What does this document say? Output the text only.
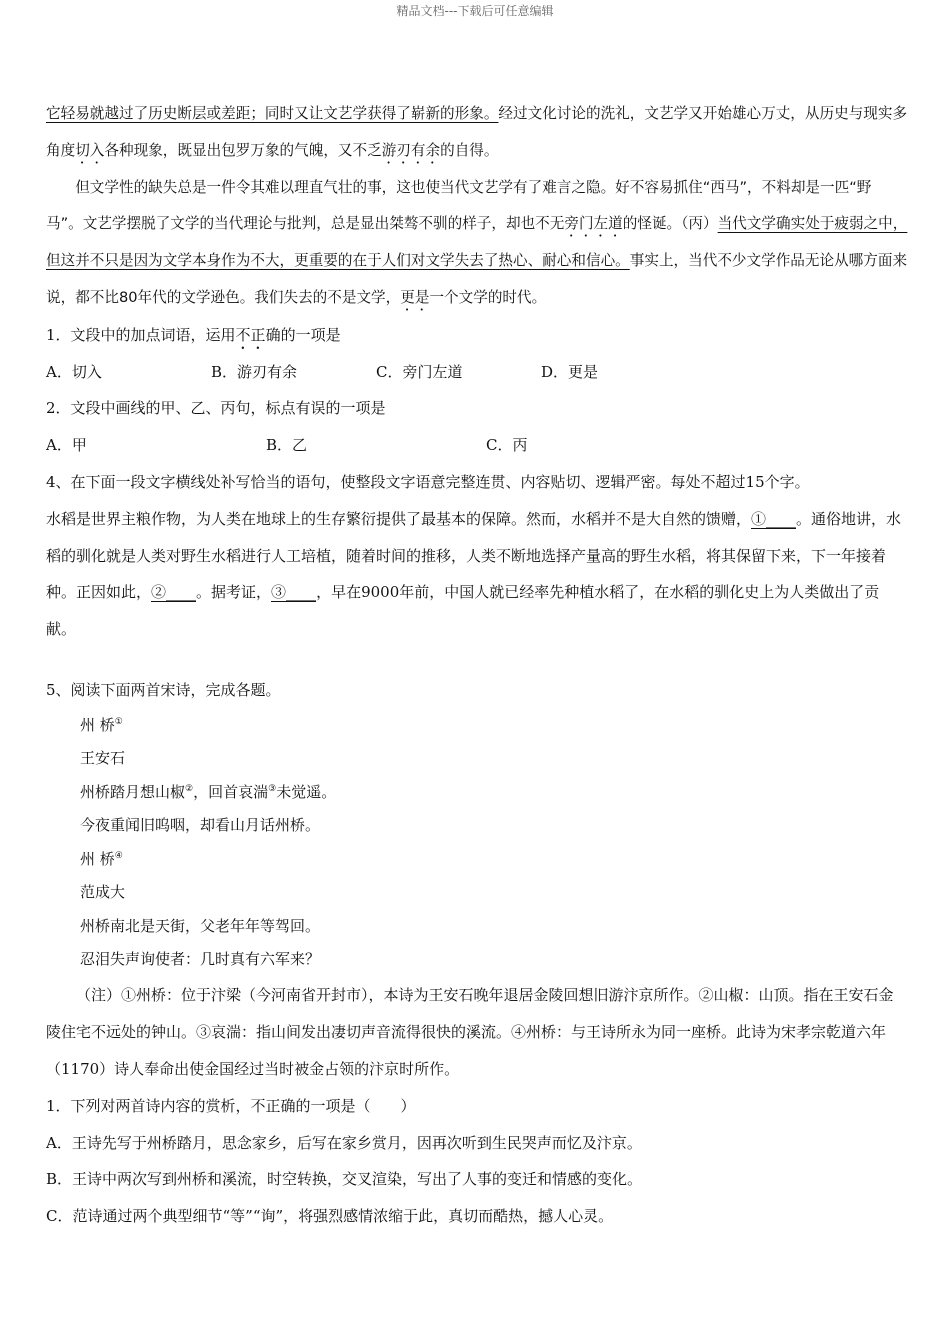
精品文档---下载后可任意编辑

它轻易就越过了历史断层或差距；同时又让文艺学获得了崭新的形象。经过文化讨论的洗礼，文艺学又开始雄心万丈，从历史与现实多角度切入各种现象，既显出包罗万象的气魄，又不乏游刃有余的自得。

但文学性的缺失总是一件令其难以理直气壮的事，这也使当代文艺学有了难言之隐。好不容易抓住“西马”，不料却是一匹“野马”。文艺学摆脱了文学的当代理论与批判，总是显出桀骜不驯的样子，却也不无旁门左道的怪诞。（丙）当代文学确实处于疲弱之中，但这并不只是因为文学本身作为不大，更重要的在于人们对文学失去了热心、耐心和信心。事实上，当代不少文学作品无论从哪方面来说，都不比80年代的文学逊色。我们失去的不是文学，更是一个文学的时代。

1．文段中的加点词语，运用不正确的一项是

A．切入	B．游刃有余	C．旁门左道	D．更是

2．文段中画线的甲、乙、丙句，标点有误的一项是

A．甲	B．乙	C．丙

4、在下面一段文字横线处补写恰当的语句，使整段文字语意完整连贯、内容贴切、逻辑严密。每处不超过15个字。

水稻是世界主粮作物，为人类在地球上的生存繁衍提供了最基本的保障。然而，水稻并不是大自然的馈赠，①____。通俗地讲，水稻的驯化就是人类对野生水稻进行人工培植，随着时间的推移，人类不断地选择产量高的野生水稻，将其保留下来，下一年接着种。正因如此，②____。据考证，③____，早在9000年前，中国人就已经率先种植水稻了，在水稻的驯化史上为人类做出了贡献。

5、阅读下面两首宋诗，完成各题。

州 桥①

王安石

州桥踏月想山椒②，回首哀湍③未觉遥。

今夜重闻旧呜咽，却看山月话州桥。

州 桥④

范成大

州桥南北是天街，父老年年等驾回。

忍泪失声询使者：几时真有六军来？

（注）①州桥：位于汴梁（今河南省开封市），本诗为王安石晚年退居金陵回想旧游汴京所作。②山椒：山顶。指在王安石金陵住宅不远处的钟山。③哀湍：指山间发出凄切声音流得很快的溪流。④州桥：与王诗所永为同一座桥。此诗为宋孝宗乾道六年（1170）诗人奉命出使金国经过当时被金占领的汴京时所作。

1．下列对两首诗内容的赏析，不正确的一项是（　　）

A．王诗先写于州桥踏月，思念家乡，后写在家乡赏月，因再次听到生民哭声而忆及汴京。

B．王诗中两次写到州桥和溪流，时空转换，交叉渲染，写出了人事的变迁和情感的变化。

C．范诗通过两个典型细节“等”“询”，将强烈感情浓缩于此，真切而酷热，撼人心灵。
